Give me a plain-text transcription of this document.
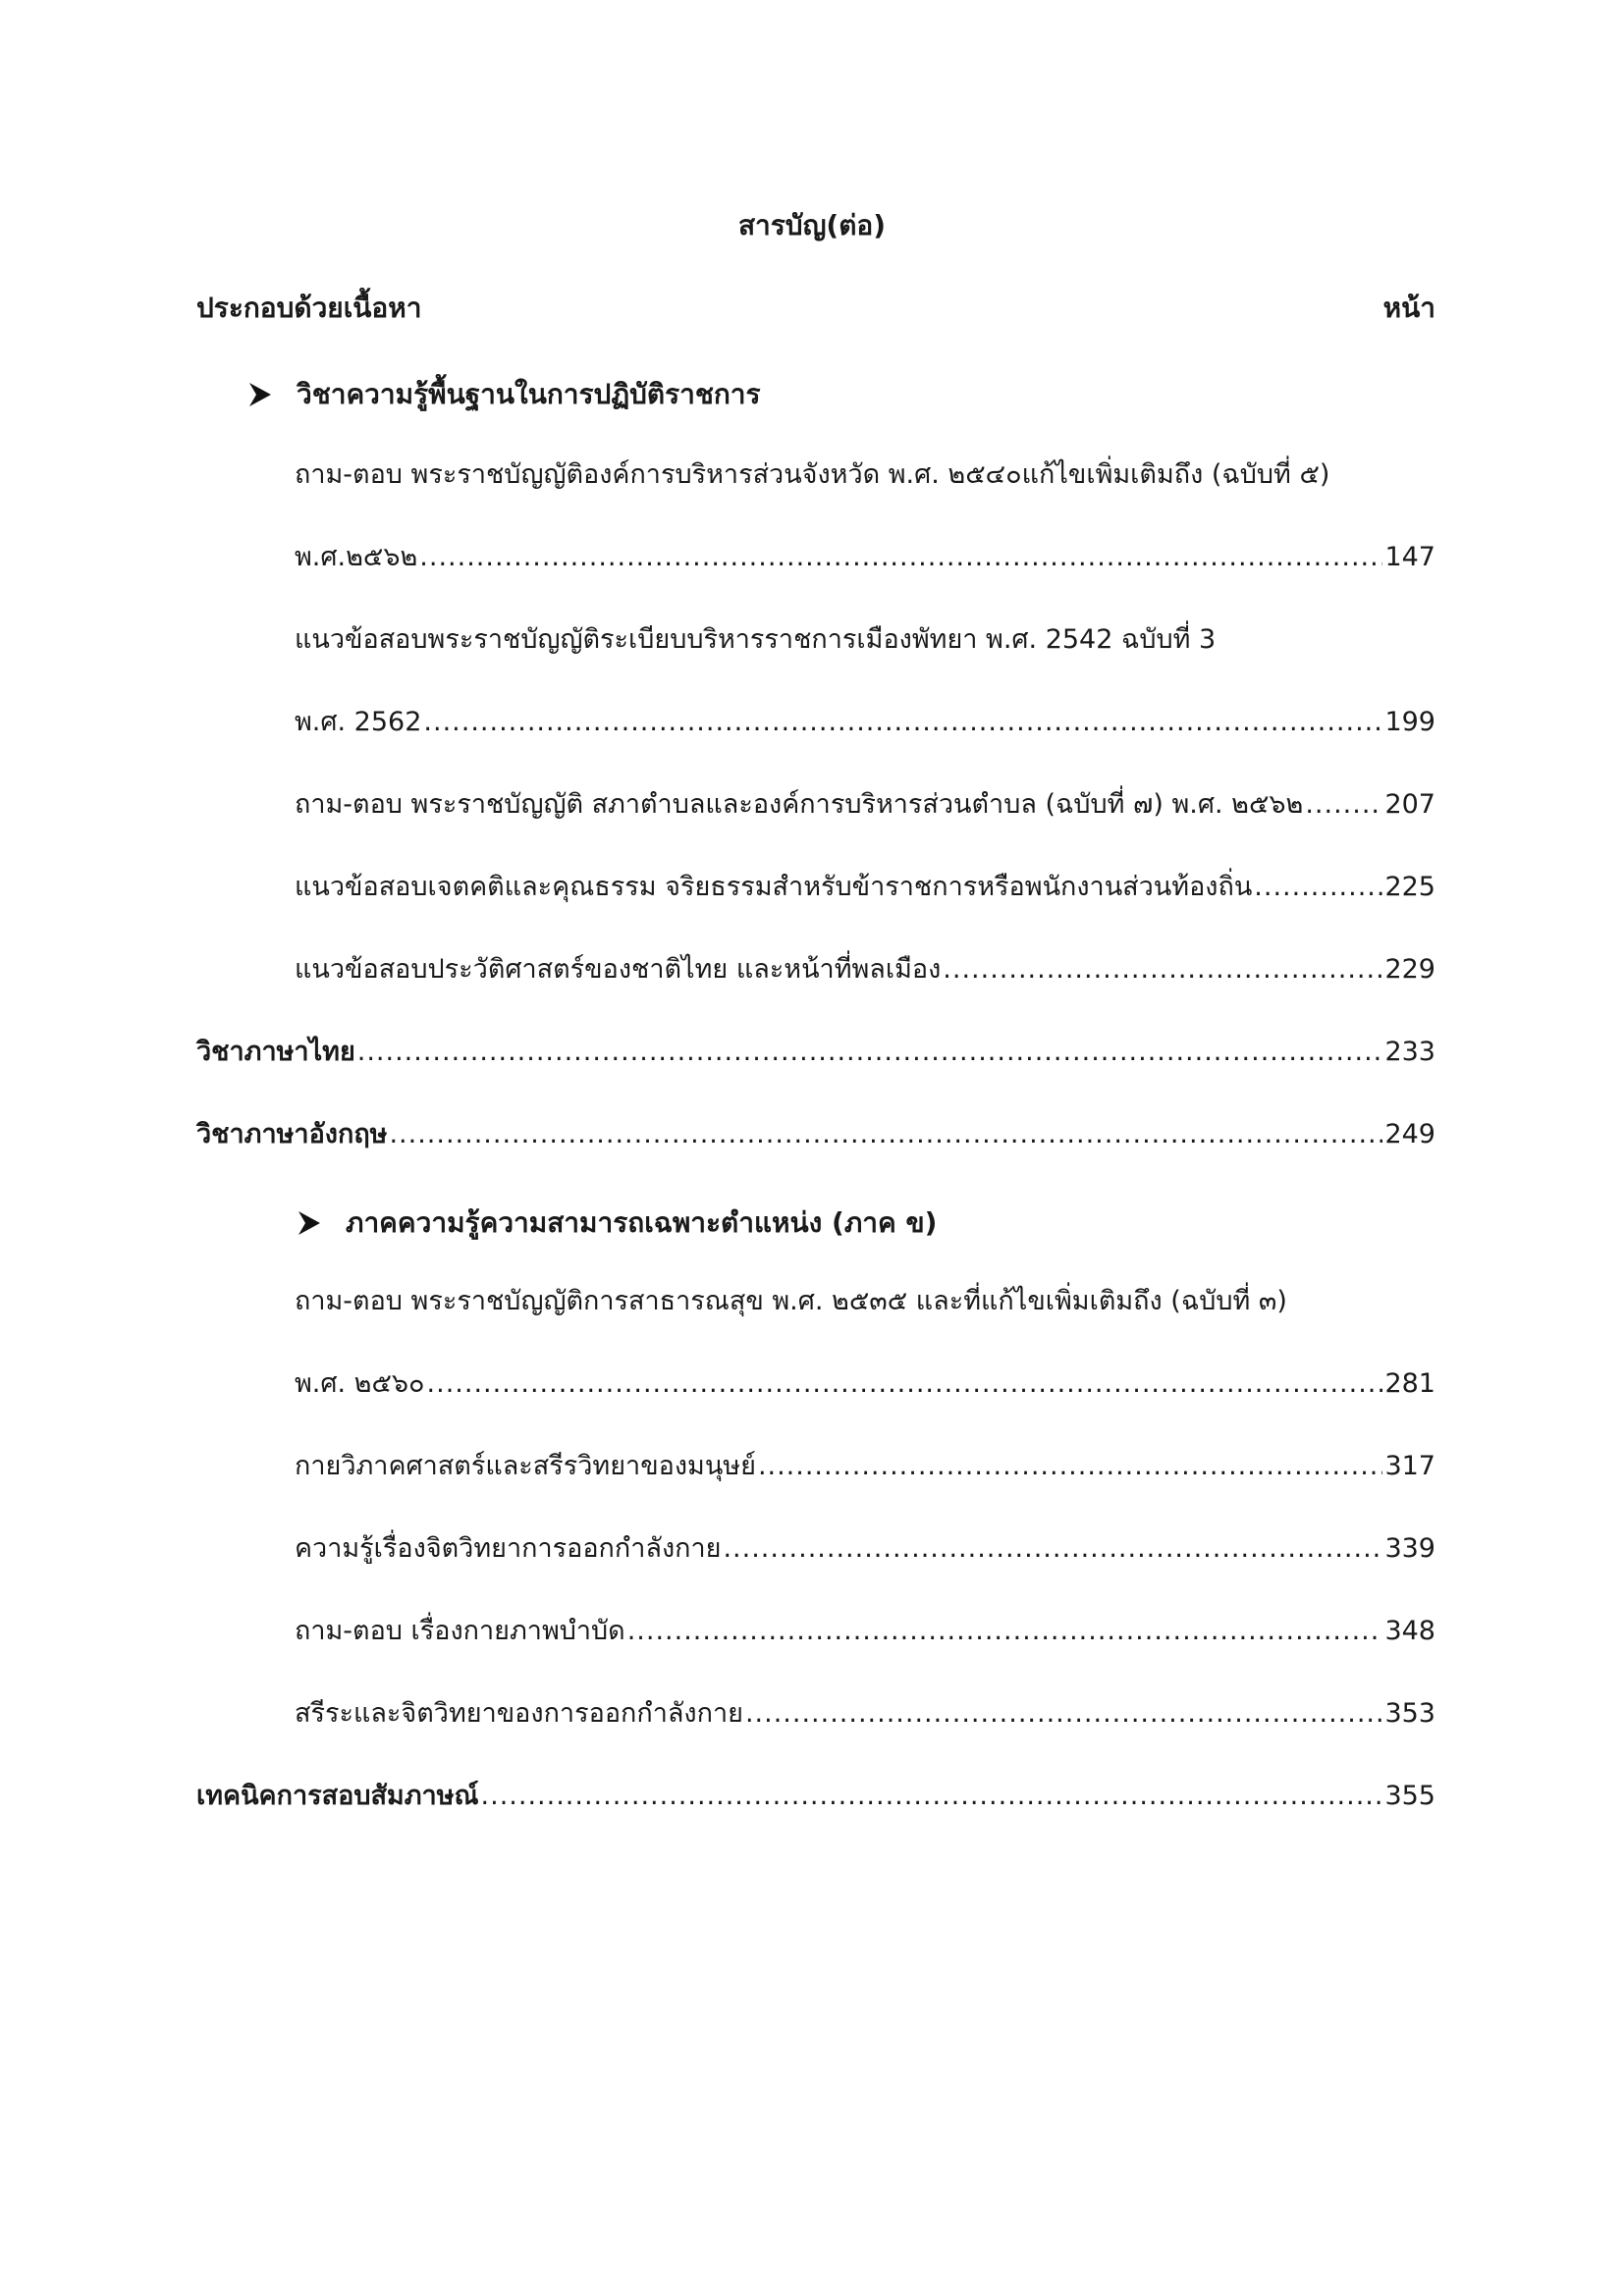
สารบัญ(ต่อ)
ประกอบด้วยเนื้อหา	หน้า
วิชาความรู้พื้นฐานในการปฏิบัติราชการ
ถาม-ตอบ พระราชบัญญัติองค์การบริหารส่วนจังหวัด พ.ศ. ๒๕๔๐แก้ไขเพิ่มเติมถึง (ฉบับที่ ๕)
พ.ศ.๒๕๖๒ .....	147
แนวข้อสอบพระราชบัญญัติระเบียบบริหารราชการเมืองพัทยา พ.ศ. 2542 ฉบับที่ 3
พ.ศ. 2562 .....	199
ถาม-ตอบ พระราชบัญญัติ สภาตำบลและองค์การบริหารส่วนตำบล (ฉบับที่ ๗) พ.ศ. ๒๕๖๒ .....	207
แนวข้อสอบเจตคติและคุณธรรม จริยธรรมสำหรับข้าราชการหรือพนักงานส่วนท้องถิ่น .....	225
แนวข้อสอบประวัติศาสตร์ของชาติไทย และหน้าที่พลเมือง .....	229
วิชาภาษาไทย .....	233
วิชาภาษาอังกฤษ .....	249
ภาคความรู้ความสามารถเฉพาะตำแหน่ง (ภาค ข)
ถาม-ตอบ พระราชบัญญัติการสาธารณสุข พ.ศ. ๒๕๓๕ และที่แก้ไขเพิ่มเติมถึง (ฉบับที่ ๓)
พ.ศ. ๒๕๖๐ .....	281
กายวิภาคศาสตร์และสรีรวิทยาของมนุษย์ .....	317
ความรู้เรื่องจิตวิทยาการออกกำลังกาย .....	339
ถาม-ตอบ เรื่องกายภาพบำบัด .....	348
สรีระและจิตวิทยาของการออกกำลังกาย .....	353
เทคนิคการสอบสัมภาษณ์ .....	355
